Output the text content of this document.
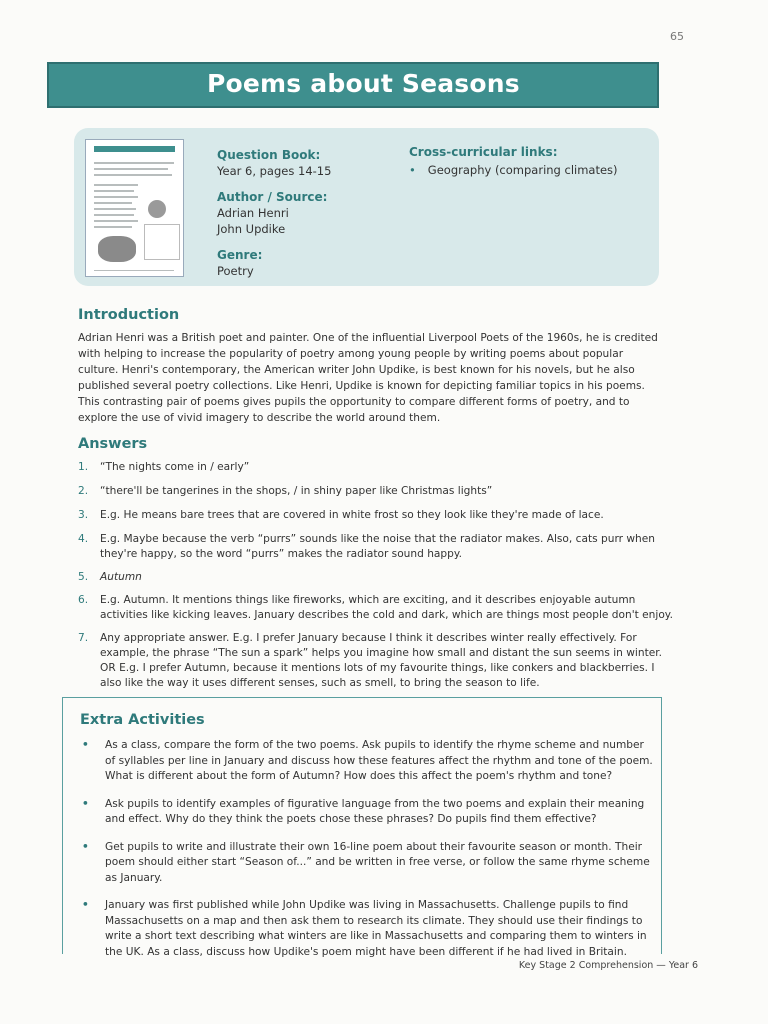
65
Poems about Seasons
Question Book:
Year 6, pages 14-15
Author / Source:
Adrian Henri
John Updike
Genre:
Poetry
Cross-curricular links:
• Geography (comparing climates)
Introduction

Adrian Henri was a British poet and painter. One of the influential Liverpool Poets of the 1960s, he is credited with helping to increase the popularity of poetry among young people by writing poems about popular culture. Henri's contemporary, the American writer John Updike, is best known for his novels, but he also published several poetry collections. Like Henri, Updike is known for depicting familiar topics in his poems. This contrasting pair of poems gives pupils the opportunity to compare different forms of poetry, and to explore the use of vivid imagery to describe the world around them.

Answers
1. “The nights come in / early”
2. “there'll be tangerines in the shops, / in shiny paper like Christmas lights”
3. E.g. He means bare trees that are covered in white frost so they look like they're made of lace.
4. E.g. Maybe because the verb “purrs” sounds like the noise that the radiator makes. Also, cats purr when they're happy, so the word “purrs” makes the radiator sound happy.
5. Autumn
6. E.g. Autumn. It mentions things like fireworks, which are exciting, and it describes enjoyable autumn activities like kicking leaves. January describes the cold and dark, which are things most people don't enjoy.
7. Any appropriate answer. E.g. I prefer January because I think it describes winter really effectively. For example, the phrase “The sun a spark” helps you imagine how small and distant the sun seems in winter. OR E.g. I prefer Autumn, because it mentions lots of my favourite things, like conkers and blackberries. I also like the way it uses different senses, such as smell, to bring the season to life.
Extra Activities
• As a class, compare the form of the two poems. Ask pupils to identify the rhyme scheme and number of syllables per line in January and discuss how these features affect the rhythm and tone of the poem. What is different about the form of Autumn? How does this affect the poem's rhythm and tone?
• Ask pupils to identify examples of figurative language from the two poems and explain their meaning and effect. Why do they think the poets chose these phrases? Do pupils find them effective?
• Get pupils to write and illustrate their own 16-line poem about their favourite season or month. Their poem should either start “Season of...” and be written in free verse, or follow the same rhyme scheme as January.
• January was first published while John Updike was living in Massachusetts. Challenge pupils to find Massachusetts on a map and then ask them to research its climate. They should use their findings to write a short text describing what winters are like in Massachusetts and comparing them to winters in the UK. As a class, discuss how Updike's poem might have been different if he had lived in Britain.
Key Stage 2 Comprehension — Year 6
